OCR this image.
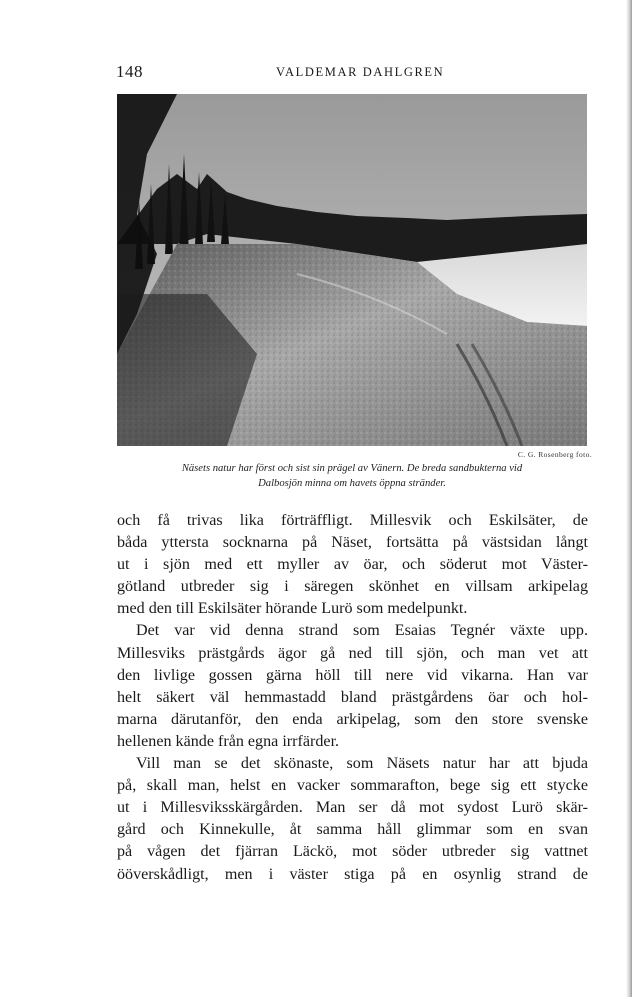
148	VALDEMAR DAHLGREN
C. G. Rosenberg foto.
Näsets natur har först och sist sin prägel av Vänern. De breda sandbukterna vid
Dalbosjön minna om havets öppna stränder.
och få trivas lika förträffligt. Millesvik och Eskilsäter, de
båda yttersta socknarna på Näset, fortsätta på västsidan långt
ut i sjön med ett myller av öar, och söderut mot Väster-
götland utbreder sig i säregen skönhet en villsam arkipelag
med den till Eskilsäter hörande Lurö som medelpunkt.
Det var vid denna strand som Esaias Tegnér växte upp.
Millesviks prästgårds ägor gå ned till sjön, och man vet att
den livlige gossen gärna höll till nere vid vikarna. Han var
helt säkert väl hemmastadd bland prästgårdens öar och hol-
marna därutanför, den enda arkipelag, som den store svenske
hellenen kände från egna irrfärder.
Vill man se det skönaste, som Näsets natur har att bjuda
på, skall man, helst en vacker sommarafton, bege sig ett stycke
ut i Millesviksskärgården. Man ser då mot sydost Lurö skär-
gård och Kinnekulle, åt samma håll glimmar som en svan
på vågen det fjärran Läckö, mot söder utbreder sig vattnet
ööverskådligt, men i väster stiga på en osynlig strand de
